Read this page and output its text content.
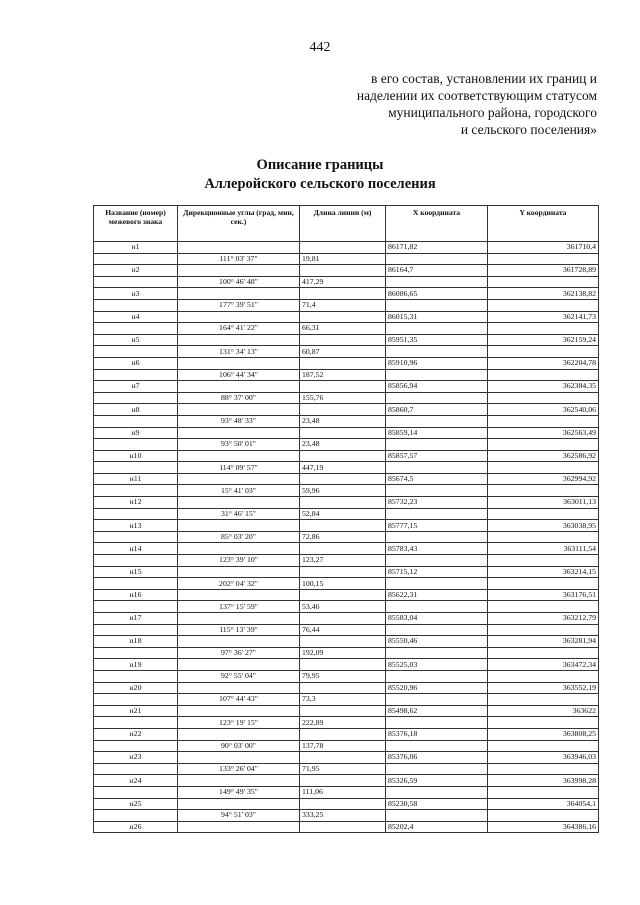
442
в его состав, установлении их границ и
наделении их соответствующим статусом
муниципального района, городского
и сельского поселения»
Описание границы
Аллеройского сельского поселения
Название (номер) межевого знака	Дирекционные углы (град, мин, сек.)	Длина линии (м)	X координата	Y координата
н1			86171,82	361710,4
	111° 03' 37"	19,81		
н2			86164,7	361728,89
	100° 46' 48"	417,29		
н3			86086,65	362138,82
	177° 39' 51"	71,4		
н4			86015,31	362141,73
	164° 41' 22"	66,31		
н5			85951,35	362159,24
	131° 34' 13"	60,87		
н6			85910,96	362204,78
	106° 44' 34"	187,52		
н7			85856,94	362384,35
	88° 37' 00"	155,76		
н8			85860,7	362540,06
	93° 48' 33"	23,48		
н9			85859,14	362563,49
	93° 50' 01"	23,48		
н10			85857,57	362586,92
	114° 09' 57"	447,19		
н11			85674,5	362994,92
	15° 41' 03"	59,96		
н12			85732,23	363011,13
	31° 46' 15"	52,84		
н13			85777,15	363038,95
	85° 03' 20"	72,86		
н14			85783,43	363111,54
	123° 39' 10"	123,27		
н15			85715,12	363214,15
	202° 04' 32"	100,15		
н16			85622,31	363176,51
	137° 15' 59"	53,46		
н17			85583,04	363212,79
	115° 13' 39"	76,44		
н18			85550,46	363281,94
	97° 36' 27"	192,09		
н19			85525,03	363472,34
	92° 55' 04"	79,95		
н20			85520,96	363552,19
	107° 44' 43"	73,3		
н21			85498,62	363622
	123° 19' 15"	222,89		
н22			85376,18	363808,25
	90° 03' 00"	137,78		
н23			85376,06	363946,03
	133° 26' 04"	71,95		
н24			85326,59	363998,28
	149° 49' 35"	111,06		
н25			85230,58	364054,1
	94° 51' 03"	333,25		
н26			85202,4	364386,16
